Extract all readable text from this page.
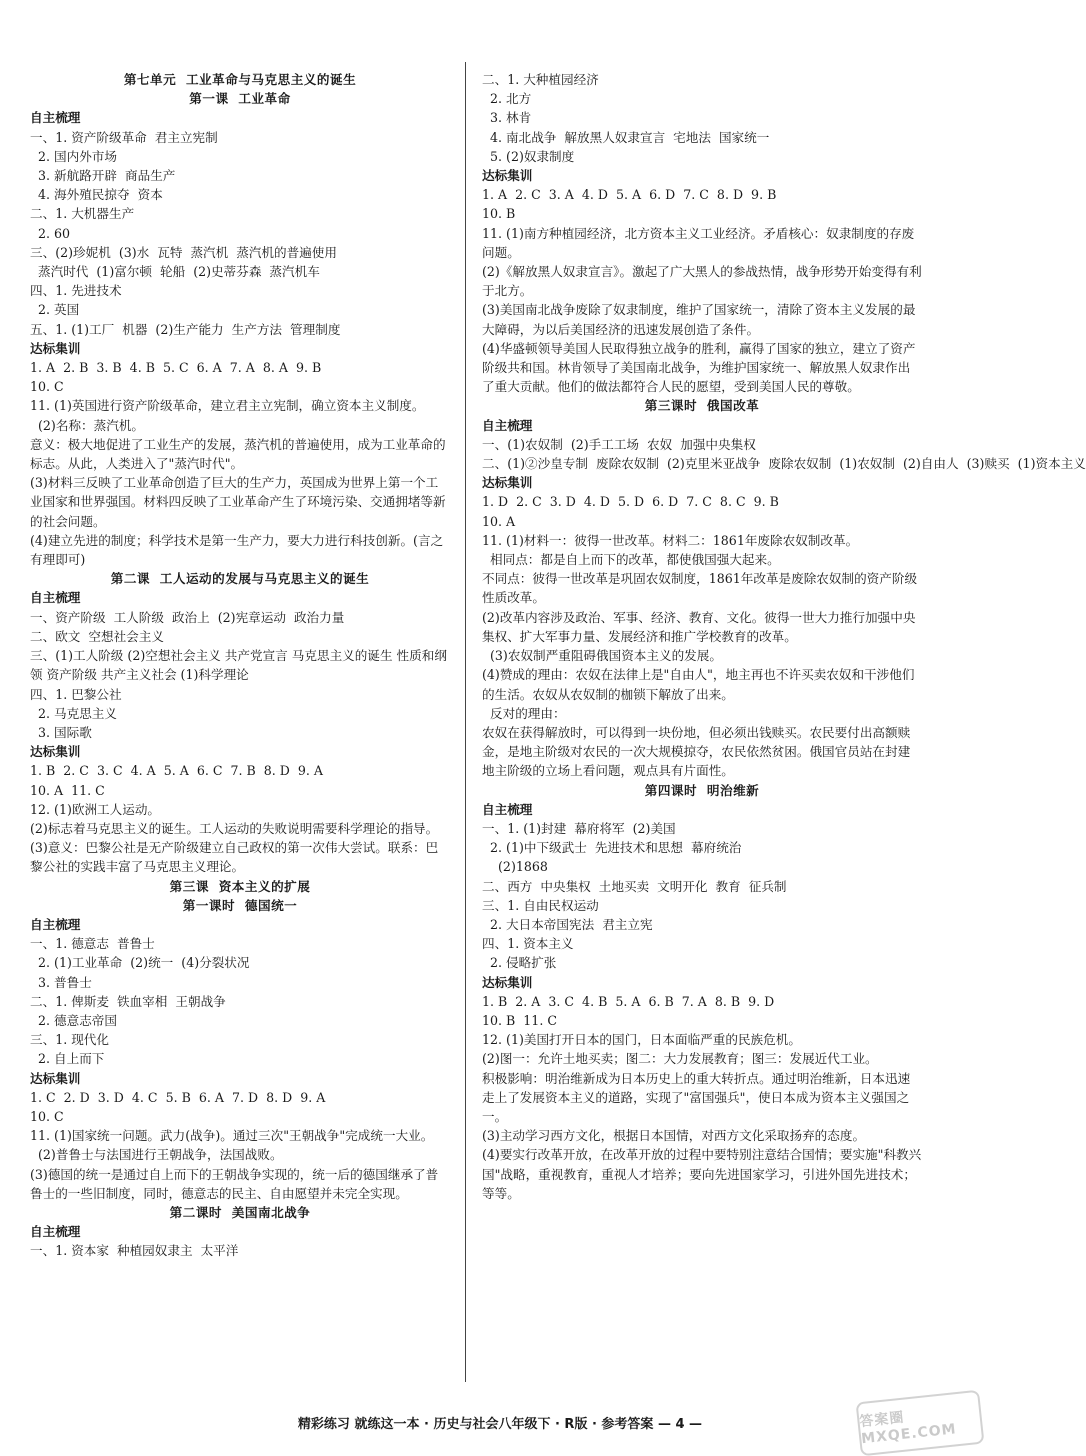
第七单元  工业革命与马克思主义的诞生
第一课  工业革命
自主梳理
一、1. 资产阶级革命  君主立宪制
2. 国内外市场
3. 新航路开辟  商品生产
4. 海外殖民掠夺  资本
二、1. 大机器生产
2. 60
三、(2)珍妮机  (3)水  瓦特  蒸汽机  蒸汽机的普遍使用
蒸汽时代  (1)富尔顿  轮船  (2)史蒂芬森  蒸汽机车
四、1. 先进技术
2. 英国
五、1. (1)工厂  机器  (2)生产能力  生产方法  管理制度
达标集训
1. A  2. B  3. B  4. B  5. C  6. A  7. A  8. A  9. B
10. C
11. (1)英国进行资产阶级革命，建立君主立宪制，确立资本主义制度。
(2)名称：蒸汽机。
意义：极大地促进了工业生产的发展，蒸汽机的普遍使用，成为工业革命的标志。从此，人类进入了"蒸汽时代"。
(3)材料三反映了工业革命创造了巨大的生产力，英国成为世界上第一个工业国家和世界强国。材料四反映了工业革命产生了环境污染、交通拥堵等新的社会问题。
(4)建立先进的制度；科学技术是第一生产力，要大力进行科技创新。(言之有理即可)
第二课  工人运动的发展与马克思主义的诞生
自主梳理
一、资产阶级  工人阶级  政治上  (2)宪章运动  政治力量
二、欧文  空想社会主义
三、(1)工人阶级 (2)空想社会主义 共产党宣言 马克思主义的诞生 性质和纲领 资产阶级 共产主义社会 (1)科学理论
四、1. 巴黎公社
2. 马克思主义
3. 国际歌
达标集训
1. B  2. C  3. C  4. A  5. A  6. C  7. B  8. D  9. A
10. A  11. C
12. (1)欧洲工人运动。
(2)标志着马克思主义的诞生。工人运动的失败说明需要科学理论的指导。
(3)意义：巴黎公社是无产阶级建立自己政权的第一次伟大尝试。联系：巴黎公社的实践丰富了马克思主义理论。
第三课  资本主义的扩展
第一课时  德国统一
自主梳理
一、1. 德意志  普鲁士
2. (1)工业革命  (2)统一  (4)分裂状况
3. 普鲁士
二、1. 俾斯麦  铁血宰相  王朝战争
2. 德意志帝国
三、1. 现代化
2. 自上而下
达标集训
1. C  2. D  3. D  4. C  5. B  6. A  7. D  8. D  9. A
10. C
11. (1)国家统一问题。武力(战争)。通过三次"王朝战争"完成统一大业。
(2)普鲁士与法国进行王朝战争，法国战败。
(3)德国的统一是通过自上而下的王朝战争实现的，统一后的德国继承了普鲁士的一些旧制度，同时，德意志的民主、自由愿望并未完全实现。
第二课时  美国南北战争
自主梳理
一、1. 资本家  种植园奴隶主  太平洋
二、1. 大种植园经济
2. 北方
3. 林肯
4. 南北战争  解放黑人奴隶宣言  宅地法  国家统一
5. (2)奴隶制度
达标集训
1. A  2. C  3. A  4. D  5. A  6. D  7. C  8. D  9. B
10. B
11. (1)南方种植园经济，北方资本主义工业经济。矛盾核心：奴隶制度的存废问题。
(2)《解放黑人奴隶宣言》。激起了广大黑人的参战热情，战争形势开始变得有利于北方。
(3)美国南北战争废除了奴隶制度，维护了国家统一，清除了资本主义发展的最大障碍，为以后美国经济的迅速发展创造了条件。
(4)华盛顿领导美国人民取得独立战争的胜利，赢得了国家的独立，建立了资产阶级共和国。林肯领导了美国南北战争，为维护国家统一、解放黑人奴隶作出了重大贡献。他们的做法都符合人民的愿望，受到美国人民的尊敬。
第三课时  俄国改革
自主梳理
一、(1)农奴制  (2)手工工场  农奴  加强中央集权
二、(1)②沙皇专制  废除农奴制  (2)克里米亚战争  废除农奴制  (1)农奴制  (2)自由人  (3)赎买  (1)资本主义
达标集训
1. D  2. C  3. D  4. D  5. D  6. D  7. C  8. C  9. B
10. A
11. (1)材料一：彼得一世改革。材料二：1861年废除农奴制改革。
相同点：都是自上而下的改革，都使俄国强大起来。
不同点：彼得一世改革是巩固农奴制度，1861年改革是废除农奴制的资产阶级性质改革。
(2)改革内容涉及政治、军事、经济、教育、文化。彼得一世大力推行加强中央集权、扩大军事力量、发展经济和推广学校教育的改革。
(3)农奴制严重阻碍俄国资本主义的发展。
(4)赞成的理由：农奴在法律上是"自由人"，地主再也不许买卖农奴和干涉他们的生活。农奴从农奴制的枷锁下解放了出来。
反对的理由：
农奴在获得解放时，可以得到一块份地，但必须出钱赎买。农民要付出高额赎金，是地主阶级对农民的一次大规模掠夺，农民依然贫困。俄国官员站在封建地主阶级的立场上看问题，观点具有片面性。
第四课时  明治维新
自主梳理
一、1. (1)封建  幕府将军  (2)美国
2. (1)中下级武士  先进技术和思想  幕府统治
(2)1868
二、西方  中央集权  土地买卖  文明开化  教育  征兵制
三、1. 自由民权运动
2. 大日本帝国宪法  君主立宪
四、1. 资本主义
2. 侵略扩张
达标集训
1. B  2. A  3. C  4. B  5. A  6. B  7. A  8. B  9. D
10. B  11. C
12. (1)美国打开日本的国门，日本面临严重的民族危机。
(2)图一：允许土地买卖；图二：大力发展教育；图三：发展近代工业。
积极影响：明治维新成为日本历史上的重大转折点。通过明治维新，日本迅速走上了发展资本主义的道路，实现了"富国强兵"，使日本成为资本主义强国之一。
(3)主动学习西方文化，根据日本国情，对西方文化采取扬弃的态度。
(4)要实行改革开放，在改革开放的过程中要特别注意结合国情；要实施"科教兴国"战略，重视教育，重视人才培养；要向先进国家学习，引进外国先进技术；等等。
精彩练习 就练这一本 · 历史与社会八年级下 · R版 · 参考答案 — 4 —	答案圈 MXQE.COM
